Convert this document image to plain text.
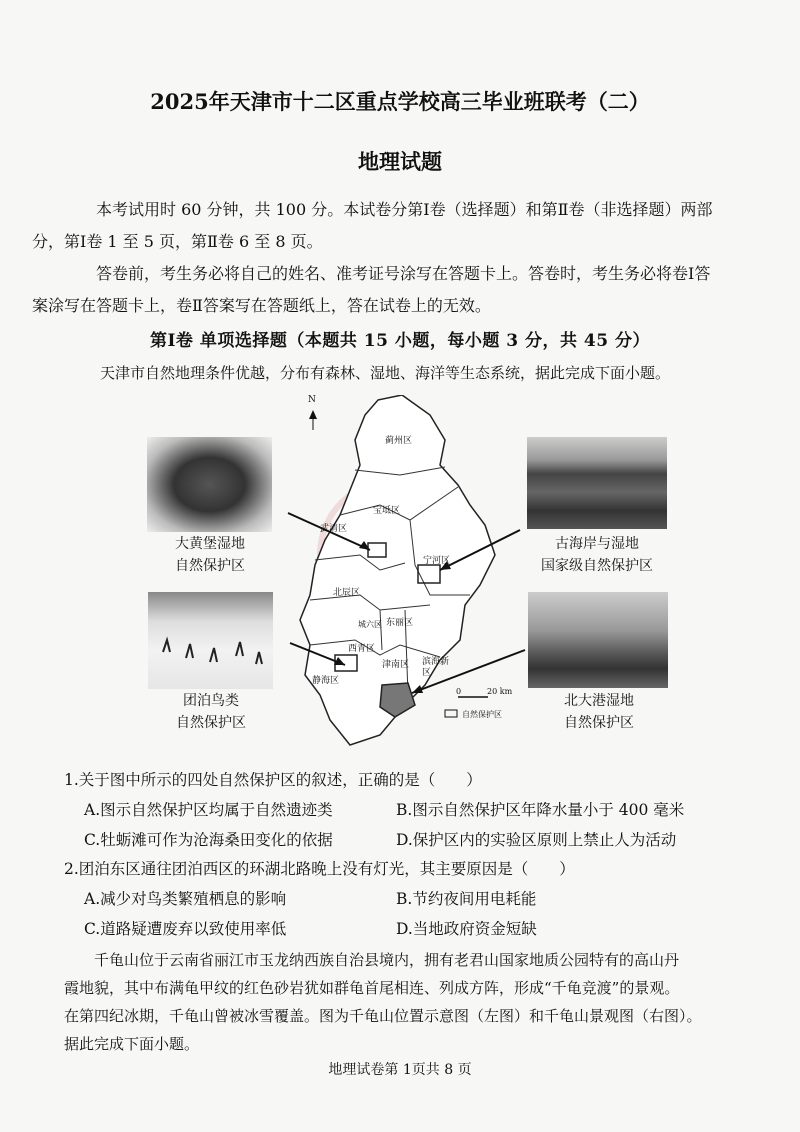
2025年天津市十二区重点学校高三毕业班联考（二）
地理试题
本考试用时 60 分钟，共 100 分。本试卷分第Ⅰ卷（选择题）和第Ⅱ卷（非选择题）两部
分，第Ⅰ卷 1 至 5 页，第Ⅱ卷 6 至 8 页。
答卷前，考生务必将自己的姓名、准考证号涂写在答题卡上。答卷时，考生务必将卷Ⅰ答
案涂写在答题卡上，卷Ⅱ答案写在答题纸上，答在试卷上的无效。
第Ⅰ卷 单项选择题（本题共 15 小题，每小题 3 分，共 45 分）
天津市自然地理条件优越，分布有森林、湿地、海洋等生态系统，据此完成下面小题。
N
蓟州区
宝坻区
武清区
宁河区
北辰区
东丽区
西青区
津南区 滨海新区
静海区
城六区
0	20 km
自然保护区
大黄堡湿地
自然保护区
古海岸与湿地
国家级自然保护区
团泊鸟类
自然保护区
北大港湿地
自然保护区
1.关于图中所示的四处自然保护区的叙述，正确的是（　　）
A.图示自然保护区均属于自然遗迹类	B.图示自然保护区年降水量小于 400 毫米
C.牡蛎滩可作为沧海桑田变化的依据	D.保护区内的实验区原则上禁止人为活动
2.团泊东区通往团泊西区的环湖北路晚上没有灯光，其主要原因是（　　）
A.减少对鸟类繁殖栖息的影响	B.节约夜间用电耗能
C.道路疑遭废弃以致使用率低	D.当地政府资金短缺
千龟山位于云南省丽江市玉龙纳西族自治县境内，拥有老君山国家地质公园特有的高山丹
霞地貌，其中布满龟甲纹的红色砂岩犹如群龟首尾相连、列成方阵，形成“千龟竞渡”的景观。
在第四纪冰期，千龟山曾被冰雪覆盖。图为千龟山位置示意图（左图）和千龟山景观图（右图）。
据此完成下面小题。
地理试卷第 1页共 8 页
